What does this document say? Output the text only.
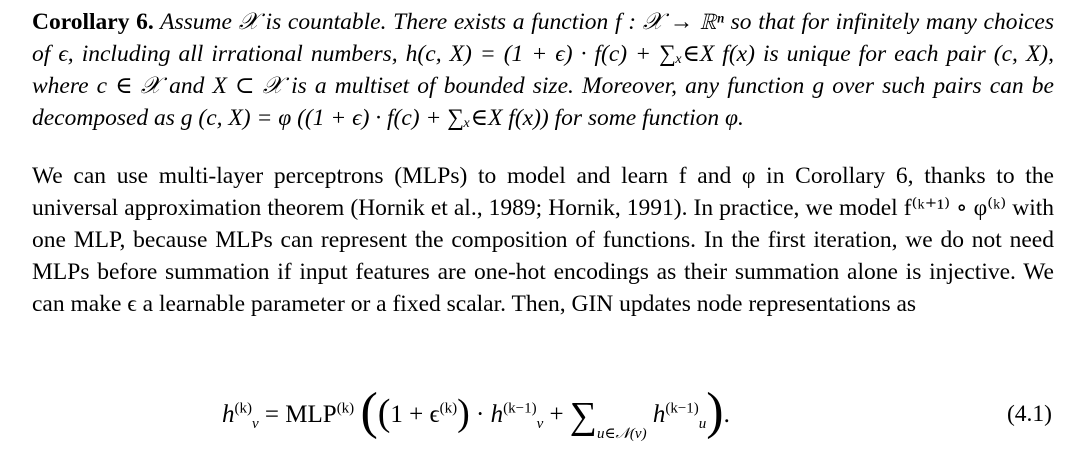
Corollary 6. Assume 𝒳 is countable. There exists a function f : 𝒳 → ℝⁿ so that for infinitely many choices of ϵ, including all irrational numbers, h(c, X) = (1 + ϵ) · f(c) + ∑ₓ∈X f(x) is unique for each pair (c, X), where c ∈ 𝒳 and X ⊂ 𝒳 is a multiset of bounded size. Moreover, any function g over such pairs can be decomposed as g (c, X) = φ ((1 + ϵ) · f(c) + ∑ₓ∈X f(x)) for some function φ.
We can use multi-layer perceptrons (MLPs) to model and learn f and φ in Corollary 6, thanks to the universal approximation theorem (Hornik et al., 1989; Hornik, 1991). In practice, we model f⁽ᵏ⁺¹⁾ ∘ φ⁽ᵏ⁾ with one MLP, because MLPs can represent the composition of functions. In the first iteration, we do not need MLPs before summation if input features are one-hot encodings as their summation alone is injective. We can make ϵ a learnable parameter or a fixed scalar. Then, GIN updates node representations as
$h^{(k)}_v = MLP^{(k)}$ ($(1 + \epsilon^{(k)}) \cdot h^{(k-1)}_v + \sum_{u\in 𝒩(v)}$ $h^{(k-1)}_u$).	(4.1)
